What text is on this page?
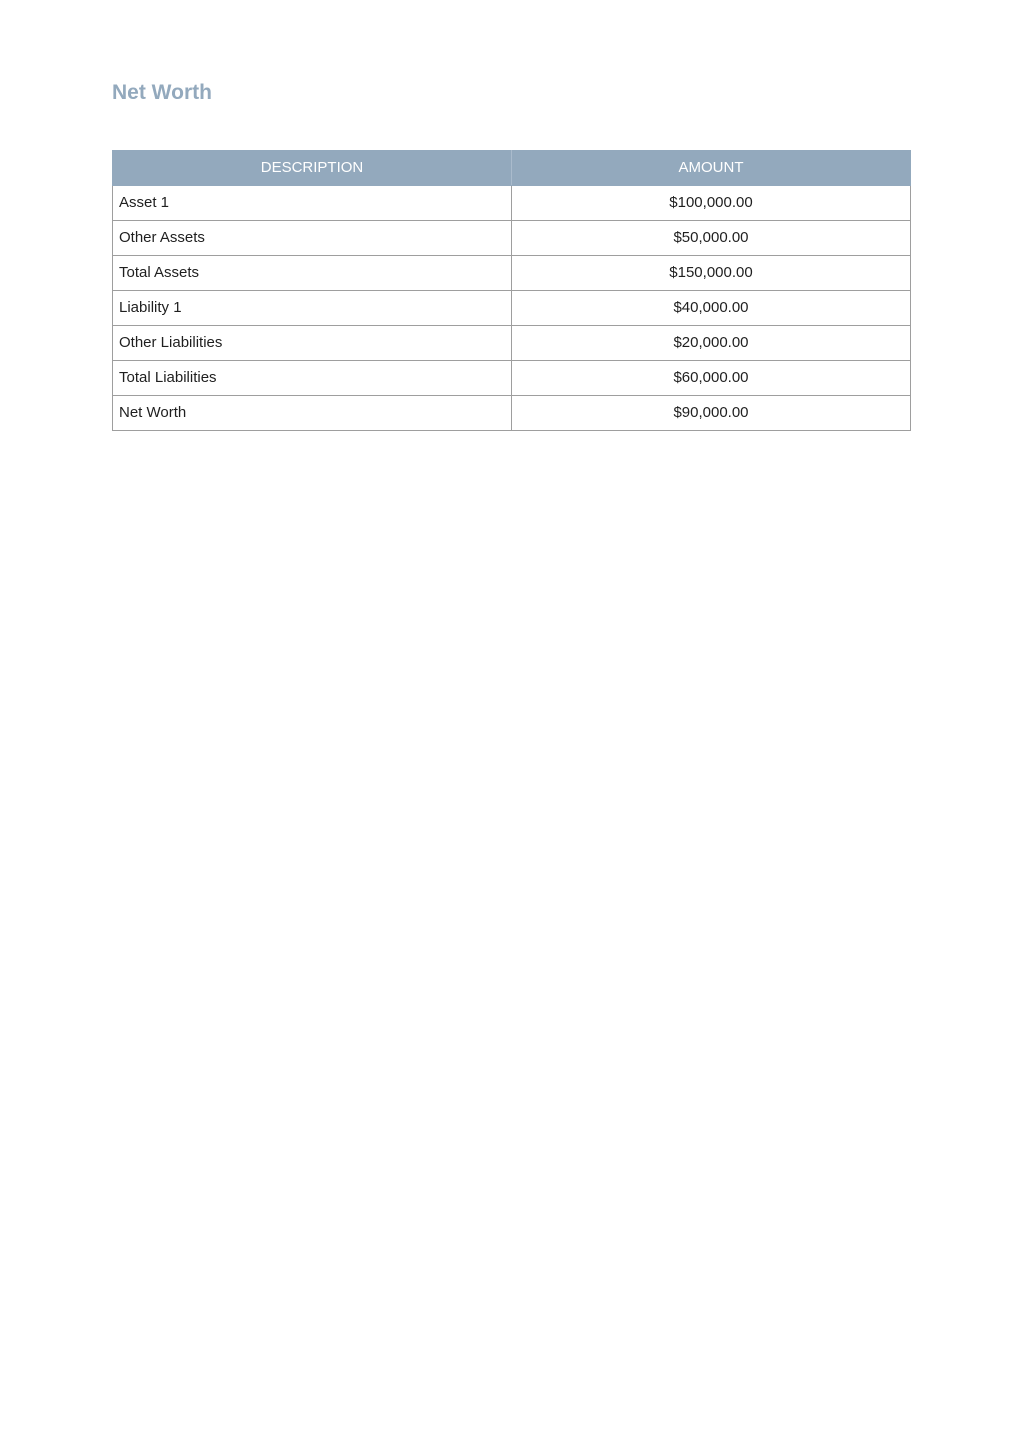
Net Worth
DESCRIPTION	AMOUNT
Asset 1	$100,000.00
Other Assets	$50,000.00
Total Assets	$150,000.00
Liability 1	$40,000.00
Other Liabilities	$20,000.00
Total Liabilities	$60,000.00
Net Worth	$90,000.00
